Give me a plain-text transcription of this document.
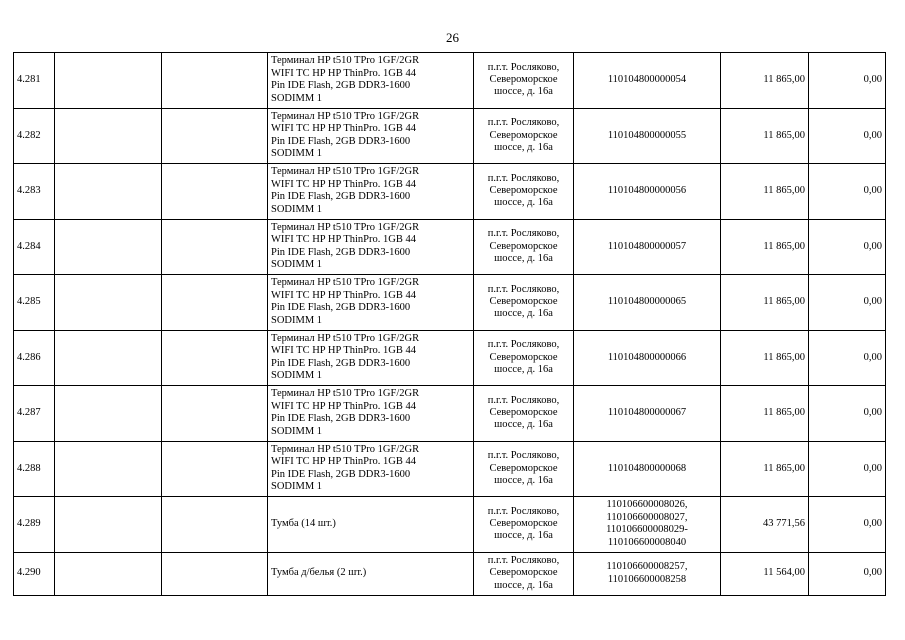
26
4.281			Терминал HP t510 TPro 1GF/2GR
WIFI TC HP HP ThinPro. 1GB 44
Pin IDE Flash, 2GB DDR3-1600
SODIMM 1	п.г.т. Росляково,
Североморское
шоссе, д. 16а	110104800000054	11 865,00	0,00
4.282			Терминал HP t510 TPro 1GF/2GR
WIFI TC HP HP ThinPro. 1GB 44
Pin IDE Flash, 2GB DDR3-1600
SODIMM 1	п.г.т. Росляково,
Североморское
шоссе, д. 16а	110104800000055	11 865,00	0,00
4.283			Терминал HP t510 TPro 1GF/2GR
WIFI TC HP HP ThinPro. 1GB 44
Pin IDE Flash, 2GB DDR3-1600
SODIMM 1	п.г.т. Росляково,
Североморское
шоссе, д. 16а	110104800000056	11 865,00	0,00
4.284			Терминал HP t510 TPro 1GF/2GR
WIFI TC HP HP ThinPro. 1GB 44
Pin IDE Flash, 2GB DDR3-1600
SODIMM 1	п.г.т. Росляково,
Североморское
шоссе, д. 16а	110104800000057	11 865,00	0,00
4.285			Терминал HP t510 TPro 1GF/2GR
WIFI TC HP HP ThinPro. 1GB 44
Pin IDE Flash, 2GB DDR3-1600
SODIMM 1	п.г.т. Росляково,
Североморское
шоссе, д. 16а	110104800000065	11 865,00	0,00
4.286			Терминал HP t510 TPro 1GF/2GR
WIFI TC HP HP ThinPro. 1GB 44
Pin IDE Flash, 2GB DDR3-1600
SODIMM 1	п.г.т. Росляково,
Североморское
шоссе, д. 16а	110104800000066	11 865,00	0,00
4.287			Терминал HP t510 TPro 1GF/2GR
WIFI TC HP HP ThinPro. 1GB 44
Pin IDE Flash, 2GB DDR3-1600
SODIMM 1	п.г.т. Росляково,
Североморское
шоссе, д. 16а	110104800000067	11 865,00	0,00
4.288			Терминал HP t510 TPro 1GF/2GR
WIFI TC HP HP ThinPro. 1GB 44
Pin IDE Flash, 2GB DDR3-1600
SODIMM 1	п.г.т. Росляково,
Североморское
шоссе, д. 16а	110104800000068	11 865,00	0,00
4.289			Тумба (14 шт.)	п.г.т. Росляково,
Североморское
шоссе, д. 16а	110106600008026,
110106600008027,
110106600008029-
110106600008040	43 771,56	0,00
4.290			Тумба д/белья (2 шт.)	п.г.т. Росляково,
Североморское
шоссе, д. 16а	110106600008257,
110106600008258	11 564,00	0,00
